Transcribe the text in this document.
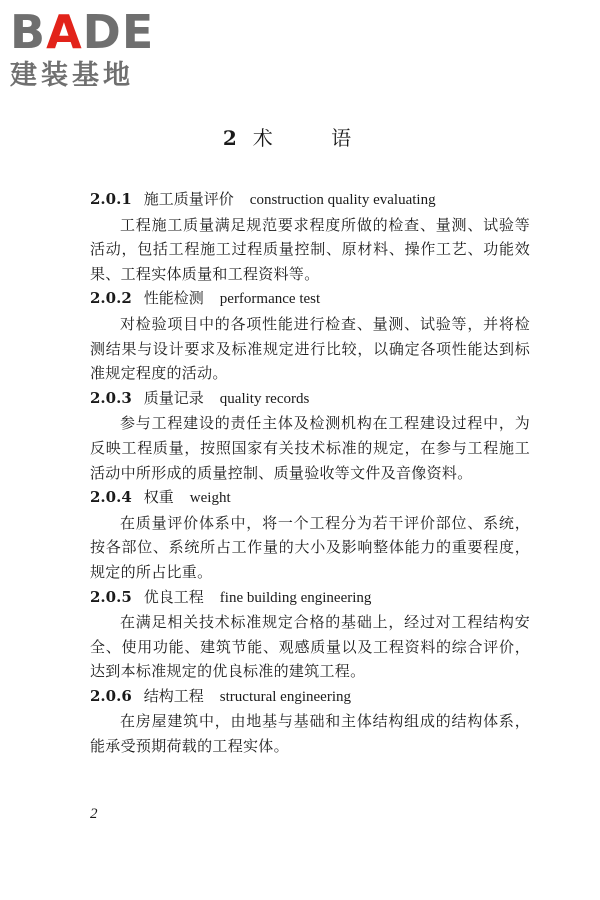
BADE
建装基地
2 术 语
2.0.1 施工质量评价 construction quality evaluating
工程施工质量满足规范要求程度所做的检查、量测、试验等活动，包括工程施工过程质量控制、原材料、操作工艺、功能效果、工程实体质量和工程资料等。
2.0.2 性能检测 performance test
对检验项目中的各项性能进行检查、量测、试验等，并将检测结果与设计要求及标准规定进行比较，以确定各项性能达到标准规定程度的活动。
2.0.3 质量记录 quality records
参与工程建设的责任主体及检测机构在工程建设过程中，为反映工程质量，按照国家有关技术标准的规定，在参与工程施工活动中所形成的质量控制、质量验收等文件及音像资料。
2.0.4 权重 weight
在质量评价体系中，将一个工程分为若干评价部位、系统，按各部位、系统所占工作量的大小及影响整体能力的重要程度，规定的所占比重。
2.0.5 优良工程 fine building engineering
在满足相关技术标准规定合格的基础上，经过对工程结构安全、使用功能、建筑节能、观感质量以及工程资料的综合评价，达到本标准规定的优良标准的建筑工程。
2.0.6 结构工程 structural engineering
在房屋建筑中，由地基与基础和主体结构组成的结构体系，能承受预期荷载的工程实体。
2
